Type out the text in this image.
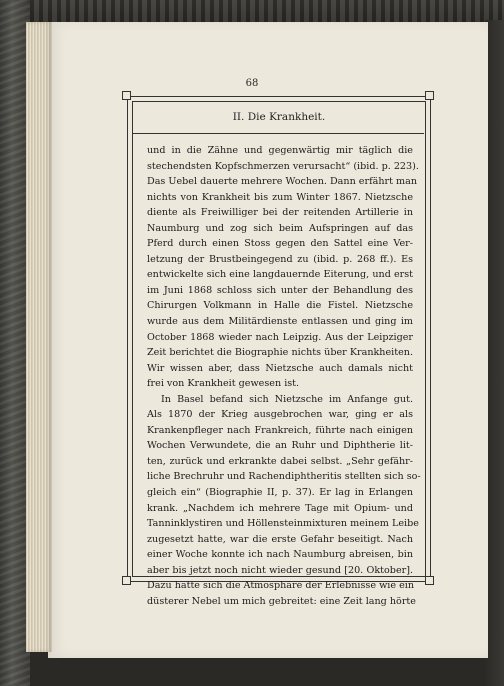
68
II. Die Krankheit.
und in die Zähne und gegenwärtig mir täglich die
stechendsten Kopfschmerzen verursacht“ (ibid. p. 223).
Das Uebel dauerte mehrere Wochen. Dann erfährt man
nichts von Krankheit bis zum Winter 1867. Nietzsche
diente als Freiwilliger bei der reitenden Artillerie in
Naumburg und zog sich beim Aufspringen auf das
Pferd durch einen Stoss gegen den Sattel eine Ver-
letzung der Brustbeingegend zu (ibid. p. 268 ff.). Es
entwickelte sich eine langdauernde Eiterung, und erst
im Juni 1868 schloss sich unter der Behandlung des
Chirurgen Volkmann in Halle die Fistel. Nietzsche
wurde aus dem Militärdienste entlassen und ging im
October 1868 wieder nach Leipzig. Aus der Leipziger
Zeit berichtet die Biographie nichts über Krankheiten.
Wir wissen aber, dass Nietzsche auch damals nicht
frei von Krankheit gewesen ist.
In Basel befand sich Nietzsche im Anfange gut.
Als 1870 der Krieg ausgebrochen war, ging er als
Krankenpfleger nach Frankreich, führte nach einigen
Wochen Verwundete, die an Ruhr und Diphtherie lit-
ten, zurück und erkrankte dabei selbst. „Sehr gefähr-
liche Brechruhr und Rachendiphtheritis stellten sich so-
gleich ein“ (Biographie II, p. 37). Er lag in Erlangen
krank. „Nachdem ich mehrere Tage mit Opium- und
Tanninklystiren und Höllensteinmixturen meinem Leibe
zugesetzt hatte, war die erste Gefahr beseitigt. Nach
einer Woche konnte ich nach Naumburg abreisen, bin
aber bis jetzt noch nicht wieder gesund [20. Oktober].
Dazu hatte sich die Atmosphäre der Erlebnisse wie ein
düsterer Nebel um mich gebreitet: eine Zeit lang hörte
